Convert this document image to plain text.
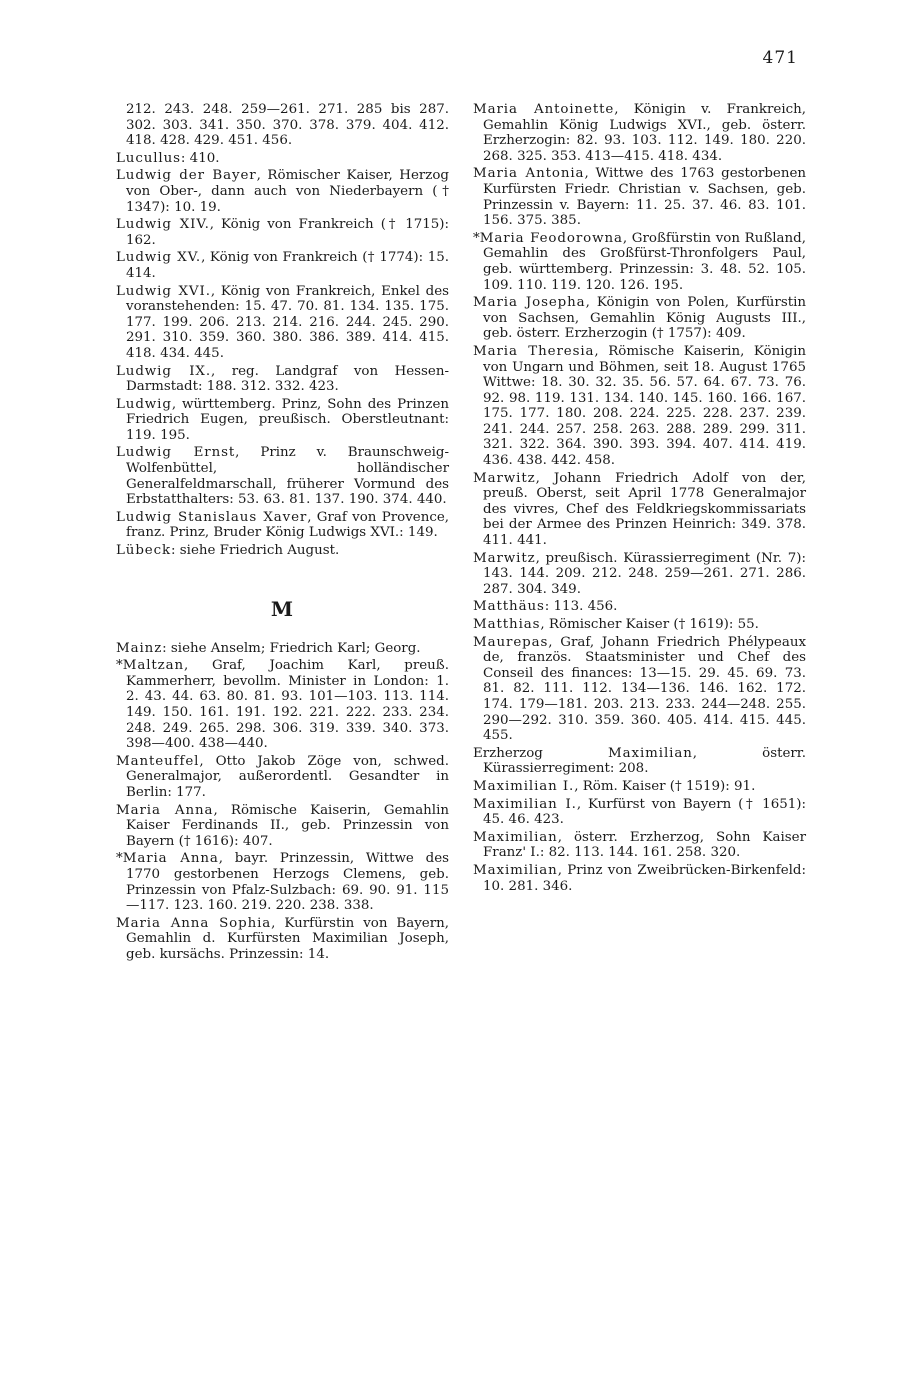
471

212. 243. 248. 259—261. 271. 285 bis 287. 302. 303. 341. 350. 370. 378. 379. 404. 412. 418. 428. 429. 451. 456.

Lucullus: 410.

Ludwig der Bayer, Römischer Kaiser, Herzog von Ober-, dann auch von Niederbayern († 1347): 10. 19.

Ludwig XIV., König von Frankreich († 1715): 162.

Ludwig XV., König von Frankreich († 1774): 15. 414.

Ludwig XVI., König von Frankreich, Enkel des voranstehenden: 15. 47. 70. 81. 134. 135. 175. 177. 199. 206. 213. 214. 216. 244. 245. 290. 291. 310. 359. 360. 380. 386. 389. 414. 415. 418. 434. 445.

Ludwig IX., reg. Landgraf von Hessen-Darmstadt: 188. 312. 332. 423.

Ludwig, württemberg. Prinz, Sohn des Prinzen Friedrich Eugen, preußisch. Oberstleutnant: 119. 195.

Ludwig Ernst, Prinz v. Braunschweig-Wolfenbüttel, holländischer Generalfeldmarschall, früherer Vormund des Erbstatthalters: 53. 63. 81. 137. 190. 374. 440.

Ludwig Stanislaus Xaver, Graf von Provence, franz. Prinz, Bruder König Ludwigs XVI.: 149.

Lübeck: siehe Friedrich August.

M

Mainz: siehe Anselm; Friedrich Karl; Georg.

*Maltzan, Graf, Joachim Karl, preuß. Kammerherr, bevollm. Minister in London: 1. 2. 43. 44. 63. 80. 81. 93. 101—103. 113. 114. 149. 150. 161. 191. 192. 221. 222. 233. 234. 248. 249. 265. 298. 306. 319. 339. 340. 373. 398—400. 438—440.

Manteuffel, Otto Jakob Zöge von, schwed. Generalmajor, außerordentl. Gesandter in Berlin: 177.

Maria Anna, Römische Kaiserin, Gemahlin Kaiser Ferdinands II., geb. Prinzessin von Bayern († 1616): 407.

*Maria Anna, bayr. Prinzessin, Wittwe des 1770 gestorbenen Herzogs Clemens, geb. Prinzessin von Pfalz-Sulzbach: 69. 90. 91. 115—117. 123. 160. 219. 220. 238. 338.

Maria Anna Sophia, Kurfürstin von Bayern, Gemahlin d. Kurfürsten Maximilian Joseph, geb. kursächs. Prinzessin: 14.

Maria Antoinette, Königin v. Frankreich, Gemahlin König Ludwigs XVI., geb. österr. Erzherzogin: 82. 93. 103. 112. 149. 180. 220. 268. 325. 353. 413—415. 418. 434.

Maria Antonia, Wittwe des 1763 gestorbenen Kurfürsten Friedr. Christian v. Sachsen, geb. Prinzessin v. Bayern: 11. 25. 37. 46. 83. 101. 156. 375. 385.

*Maria Feodorowna, Großfürstin von Rußland, Gemahlin des Großfürst-Thronfolgers Paul, geb. württemberg. Prinzessin: 3. 48. 52. 105. 109. 110. 119. 120. 126. 195.

Maria Josepha, Königin von Polen, Kurfürstin von Sachsen, Gemahlin König Augusts III., geb. österr. Erzherzogin († 1757): 409.

Maria Theresia, Römische Kaiserin, Königin von Ungarn und Böhmen, seit 18. August 1765 Wittwe: 18. 30. 32. 35. 56. 57. 64. 67. 73. 76. 92. 98. 119. 131. 134. 140. 145. 160. 166. 167. 175. 177. 180. 208. 224. 225. 228. 237. 239. 241. 244. 257. 258. 263. 288. 289. 299. 311. 321. 322. 364. 390. 393. 394. 407. 414. 419. 436. 438. 442. 458.

Marwitz, Johann Friedrich Adolf von der, preuß. Oberst, seit April 1778 Generalmajor des vivres, Chef des Feldkriegskommissariats bei der Armee des Prinzen Heinrich: 349. 378. 411. 441.

Marwitz, preußisch. Kürassierregiment (Nr. 7): 143. 144. 209. 212. 248. 259—261. 271. 286. 287. 304. 349.

Matthäus: 113. 456.

Matthias, Römischer Kaiser († 1619): 55.

Maurepas, Graf, Johann Friedrich Phélypeaux de, französ. Staatsminister und Chef des Conseil des finances: 13—15. 29. 45. 69. 73. 81. 82. 111. 112. 134—136. 146. 162. 172. 174. 179—181. 203. 213. 233. 244—248. 255. 290—292. 310. 359. 360. 405. 414. 415. 445. 455.

Erzherzog Maximilian, österr. Kürassierregiment: 208.

Maximilian I., Röm. Kaiser († 1519): 91.

Maximilian I., Kurfürst von Bayern († 1651): 45. 46. 423.

Maximilian, österr. Erzherzog, Sohn Kaiser Franz' I.: 82. 113. 144. 161. 258. 320.

Maximilian, Prinz von Zweibrücken-Birkenfeld: 10. 281. 346.
